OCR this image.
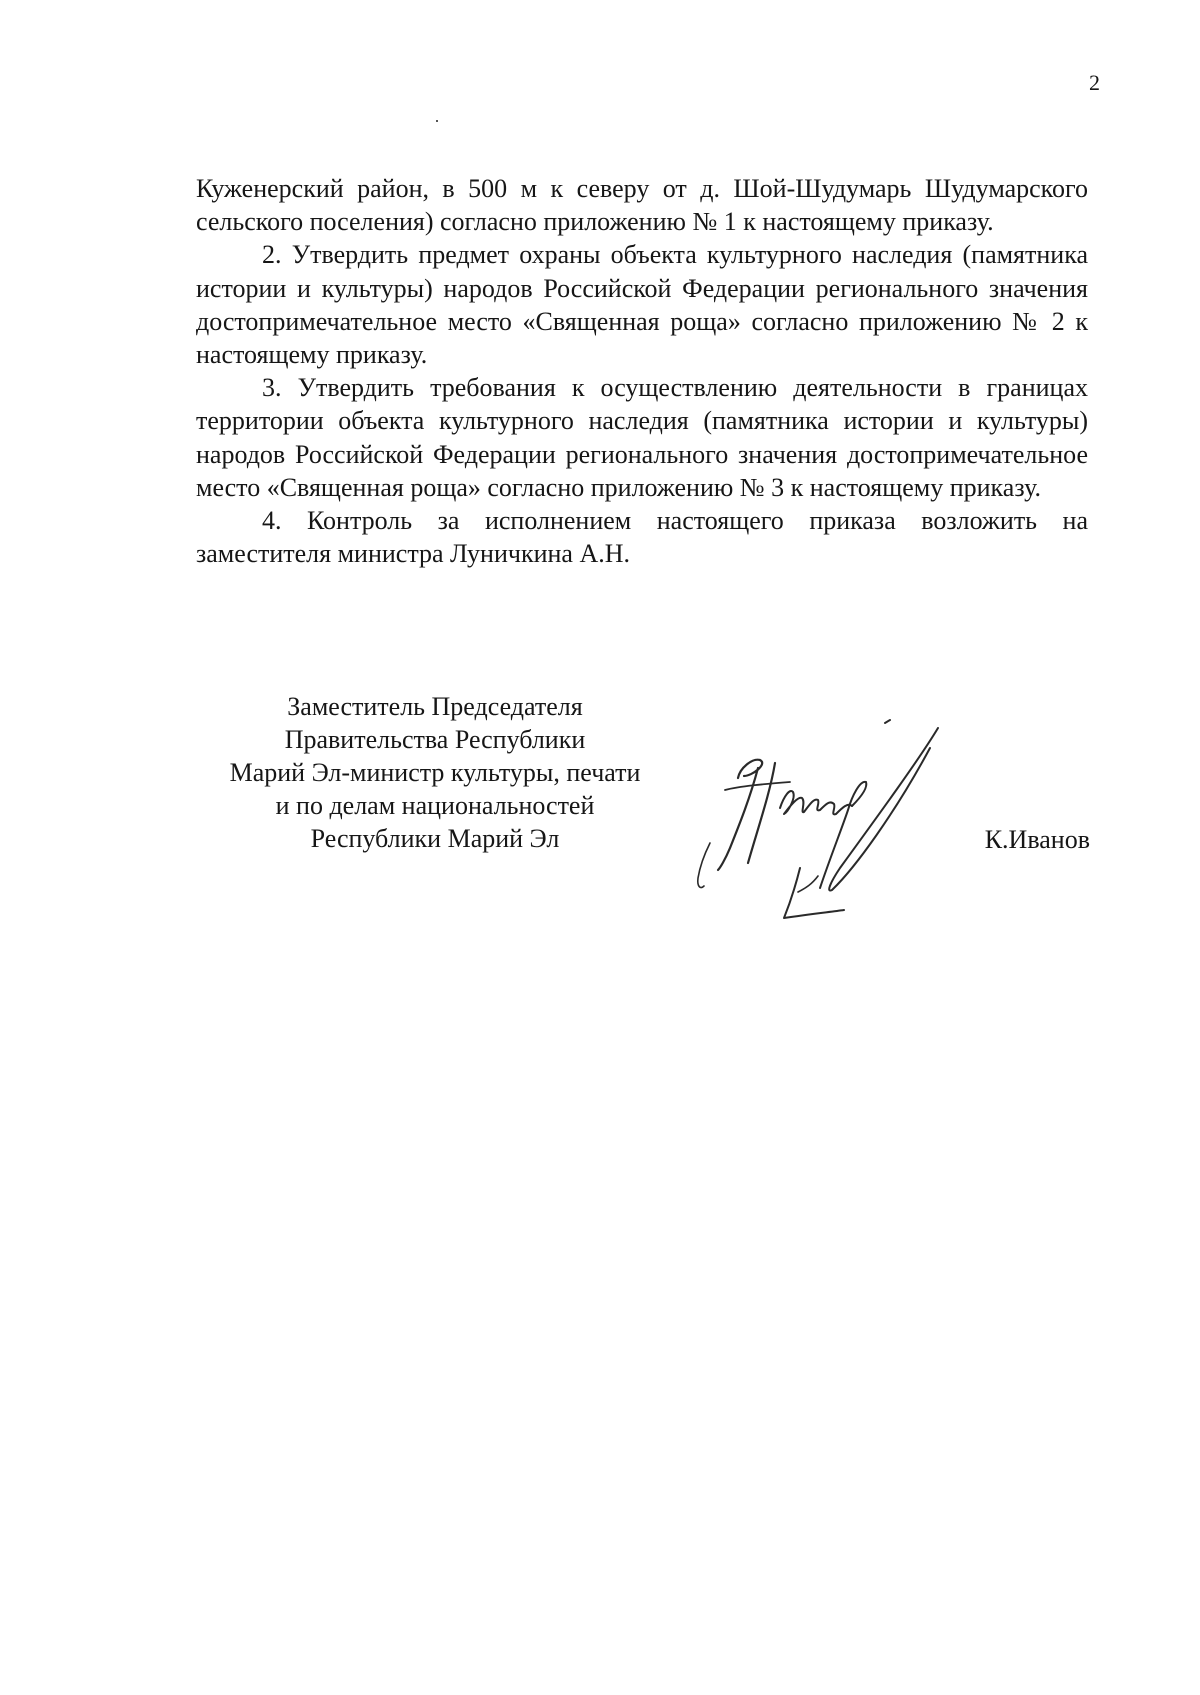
2

Куженерский район, в 500 м к северу от д. Шой-Шудумарь Шудумарского сельского поселения) согласно приложению № 1 к настоящему приказу.

2. Утвердить предмет охраны объекта культурного наследия (памятника истории и культуры) народов Российской Федерации регионального значения достопримечательное место «Священная роща» согласно приложению № 2 к настоящему приказу.

3. Утвердить требования к осуществлению деятельности в границах территории объекта культурного наследия (памятника истории и культуры) народов Российской Федерации регионального значения достопримечательное место «Священная роща» согласно приложению № 3 к настоящему приказу.

4. Контроль за исполнением настоящего приказа возложить на заместителя министра Луничкина А.Н.

Заместитель Председателя
Правительства Республики
Марий Эл-министр культуры, печати
и по делам национальностей
Республики Марий Эл	К.Иванов
